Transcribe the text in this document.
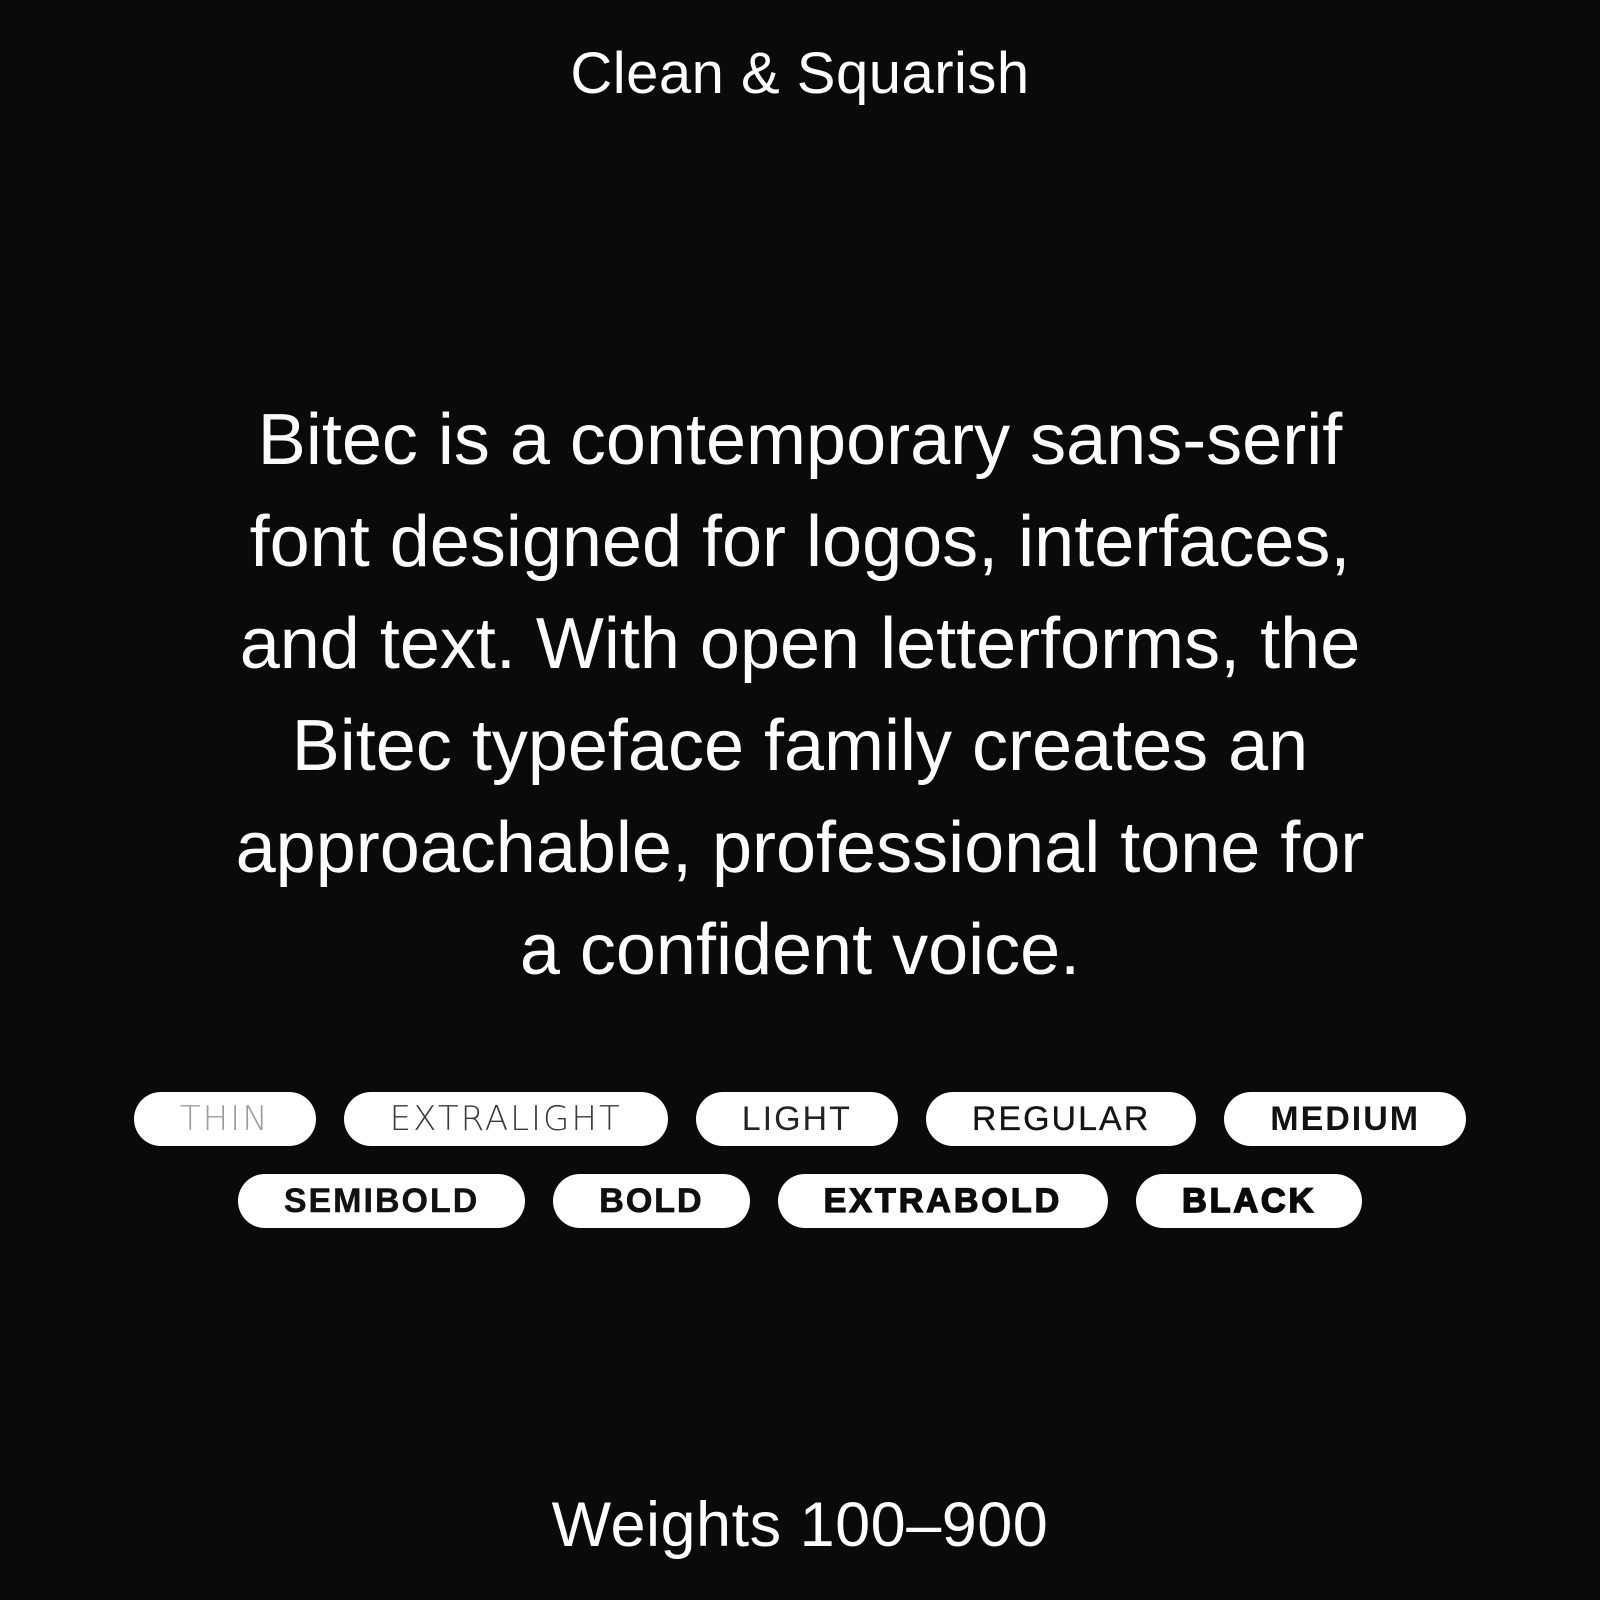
Clean & Squarish
Bitec is a contemporary sans-serif
font designed for logos, interfaces,
and text. With open letterforms, the
Bitec typeface family creates an
approachable, professional tone for
a confident voice.
THIN	EXTRALIGHT	LIGHT	REGULAR	MEDIUM
SEMIBOLD	BOLD	EXTRABOLD	BLACK
Weights 100–900
